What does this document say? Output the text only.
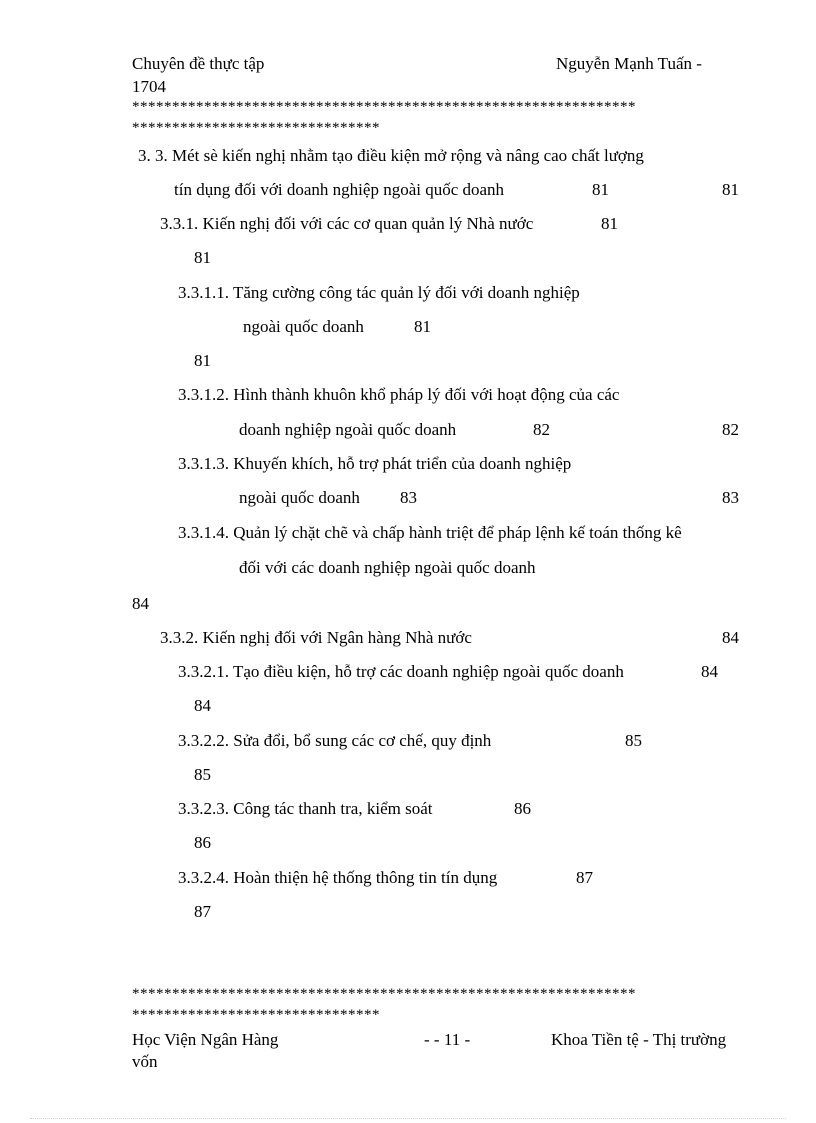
Chuyên đề thực tập	Nguyễn Mạnh Tuấn -
1704
***************************************************************
*******************************
3. 3. Mét sè kiến nghị nhằm tạo điều kiện mở rộng và nâng cao chất lượng
tín dụng đối với doanh nghiệp ngoài quốc doanh	81	81
3.3.1. Kiến nghị đối với các cơ quan quản lý Nhà nước	81
81
3.3.1.1. Tăng cường công tác quản lý đối với doanh nghiệp
ngoài quốc doanh	81
81
3.3.1.2. Hình thành khuôn khổ pháp lý đối với hoạt động của các
doanh nghiệp ngoài quốc doanh	82	82
3.3.1.3. Khuyến khích, hỗ trợ phát triển của doanh nghiệp
ngoài quốc doanh 83	83
3.3.1.4. Quản lý chặt chẽ và chấp hành triệt để pháp lệnh kế toán thống kê
đối với các doanh nghiệp ngoài quốc doanh
84
3.3.2. Kiến nghị đối với Ngân hàng Nhà nước	84
3.3.2.1. Tạo điều kiện, hỗ trợ các doanh nghiệp ngoài quốc doanh	84
84
3.3.2.2. Sửa đổi, bổ sung các cơ chế, quy định	85
85
3.3.2.3. Công tác thanh tra, kiểm soát	86
86
3.3.2.4. Hoàn thiện hệ thống thông tin tín dụng	87
87
***************************************************************
*******************************
Học Viện Ngân Hàng	- - 11 -	Khoa Tiền tệ - Thị trường
vốn
